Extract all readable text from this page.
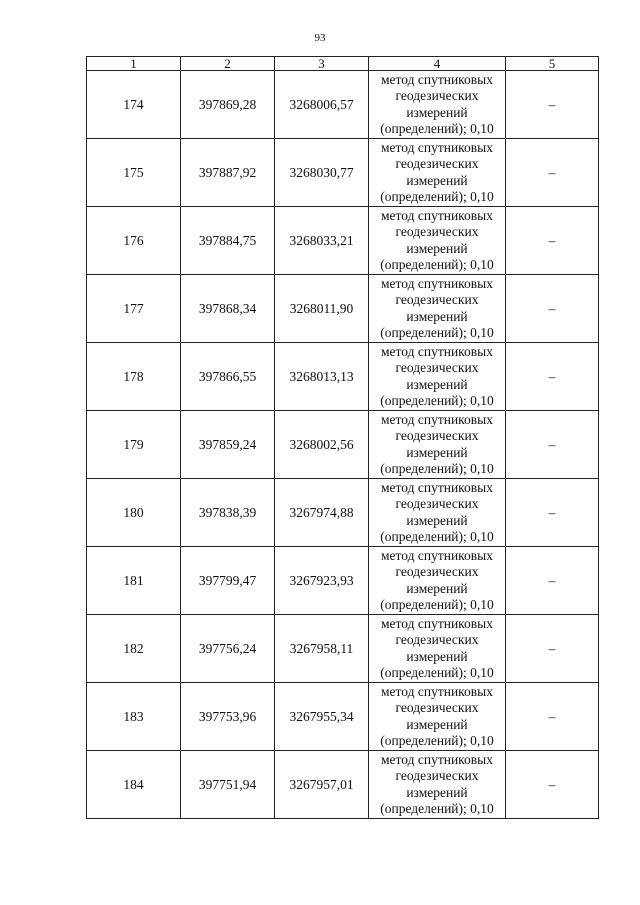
93
1	2	3	4	5
174	397869,28	3268006,57	метод спутниковых
геодезических
измерений
(определений); 0,10	–
175	397887,92	3268030,77	метод спутниковых
геодезических
измерений
(определений); 0,10	–
176	397884,75	3268033,21	метод спутниковых
геодезических
измерений
(определений); 0,10	–
177	397868,34	3268011,90	метод спутниковых
геодезических
измерений
(определений); 0,10	–
178	397866,55	3268013,13	метод спутниковых
геодезических
измерений
(определений); 0,10	–
179	397859,24	3268002,56	метод спутниковых
геодезических
измерений
(определений); 0,10	–
180	397838,39	3267974,88	метод спутниковых
геодезических
измерений
(определений); 0,10	–
181	397799,47	3267923,93	метод спутниковых
геодезических
измерений
(определений); 0,10	–
182	397756,24	3267958,11	метод спутниковых
геодезических
измерений
(определений); 0,10	–
183	397753,96	3267955,34	метод спутниковых
геодезических
измерений
(определений); 0,10	–
184	397751,94	3267957,01	метод спутниковых
геодезических
измерений
(определений); 0,10	–
